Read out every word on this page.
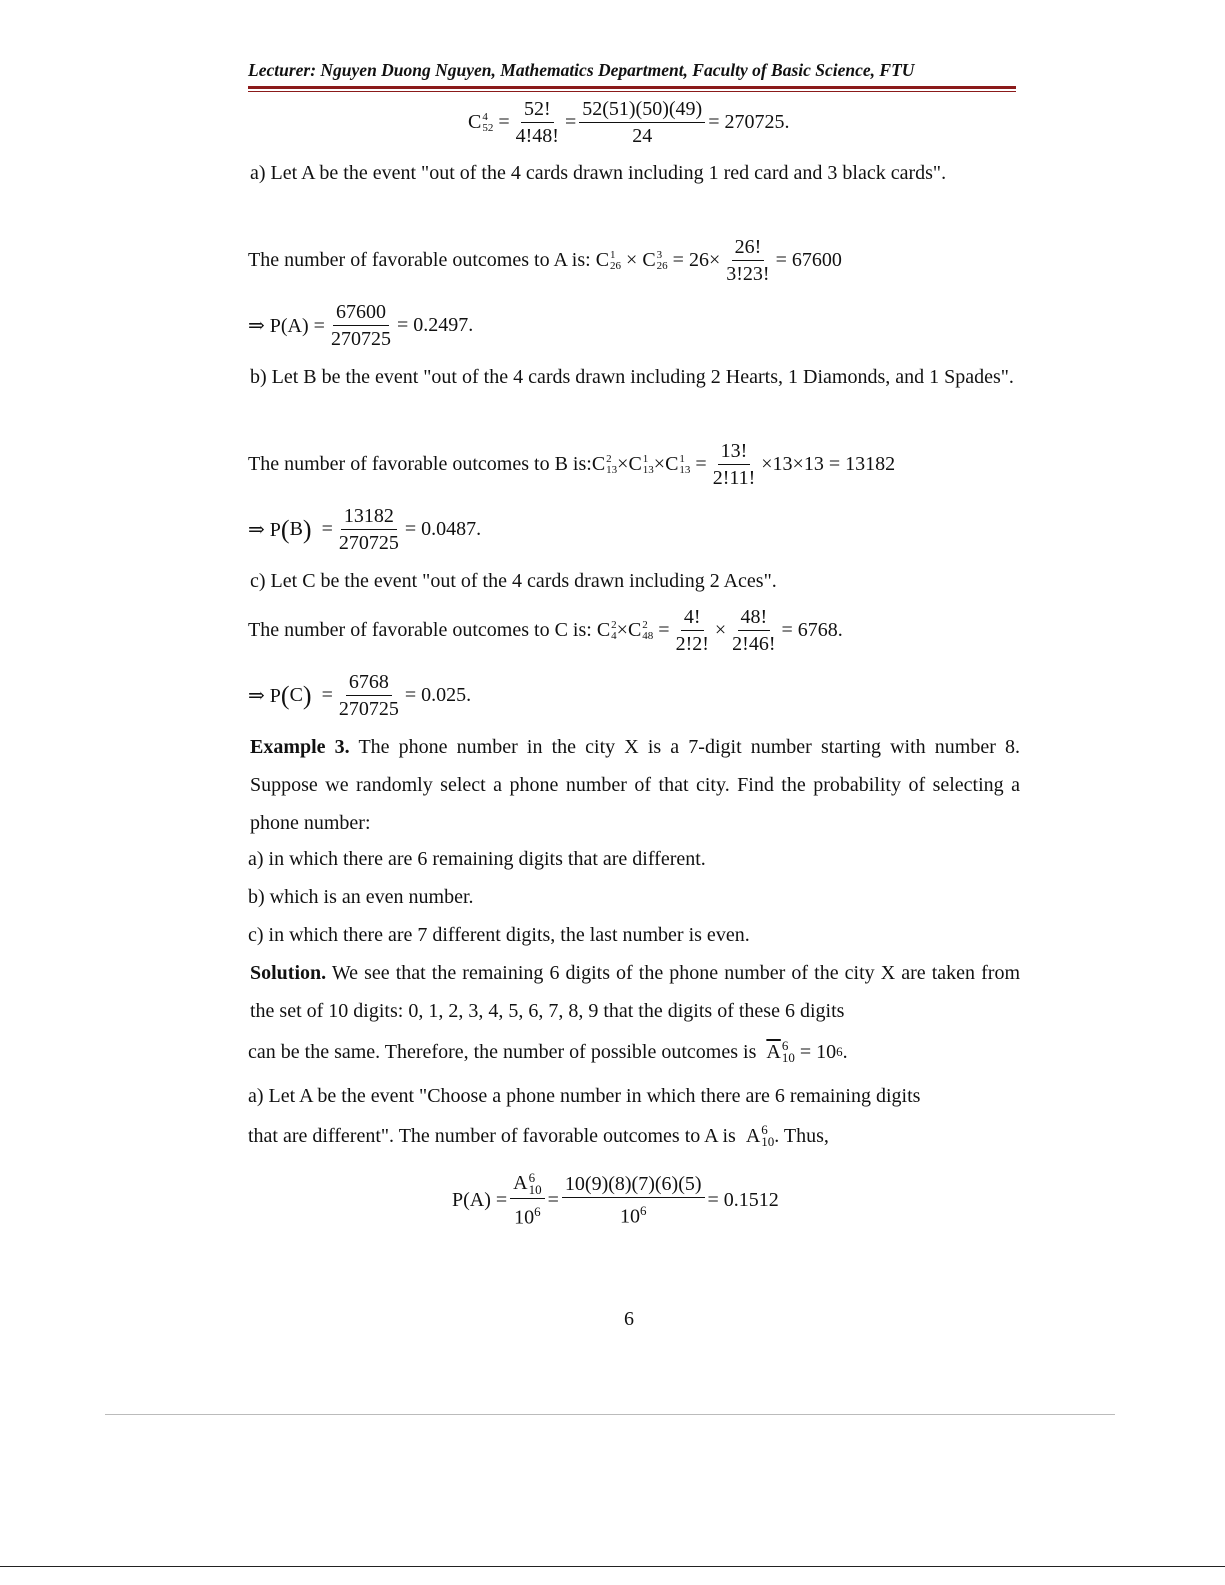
Lecturer: Nguyen Duong Nguyen, Mathematics Department, Faculty of Basic Science, FTU
C 4
$52 = \frac{52!}{4!48!} = \frac{52(51)(50)(49)}{24} = 270725$.
a) Let A be the event "out of the 4 cards drawn including 1 red card and 3 black cards".
The number of favorable outcomes to A is:
C 1
26 × C 3
26
= $26\times \frac{26!}{3!23!} = 67600$
⇒ $P(A) = \frac{67600}{270725} = 0.2497$.
b) Let B be the event "out of the 4 cards drawn including 2 Hearts, 1 Diamonds, and 1 Spades".
The number of favorable outcomes to B is: C 2
13 × C 1
13 × C 1
$13 = \frac{13!}{2!11!} \times 13\times 13 = 13182$
⇒ P ( B ) = $\frac{13182}{270725} = 0.0487$.
c) Let C be the event "out of the 4 cards drawn including 2 Aces".
The number of favorable outcomes to C is:
C 2
4 × C 2
$48 = \frac{4!}{2!2!} \times \frac{48!}{2!46!} = 6768$.
⇒ P ( C ) = $\frac{6768}{270725} = 0.025$.
Example 3. The phone number in the city X is a 7-digit number starting with number 8. Suppose we randomly select a phone number of that city. Find the probability of selecting a phone number:
a) in which there are 6 remaining digits that are different.
b) which is an even number.
c) in which there are 7 different digits, the last number is even.
Solution. We see that the remaining 6 digits of the phone number of the city X are taken from the set of 10 digits: 0, 1, 2, 3, 4, 5, 6, 7, 8, 9 that the digits of these 6 digits
can be the same. Therefore, the number of possible outcomes is
$\overline{A}$ 6
10
= 10 6 .
a) Let A be the event "Choose a phone number in which there are 6 remaining digits
that are different". The number of favorable outcomes to A is
A 6
10 . Thus,
P(A) = A 6
10
$10^6 = \frac{10(9)(8)(7)(6)(5)}{10^6} = 0.1512$
6
